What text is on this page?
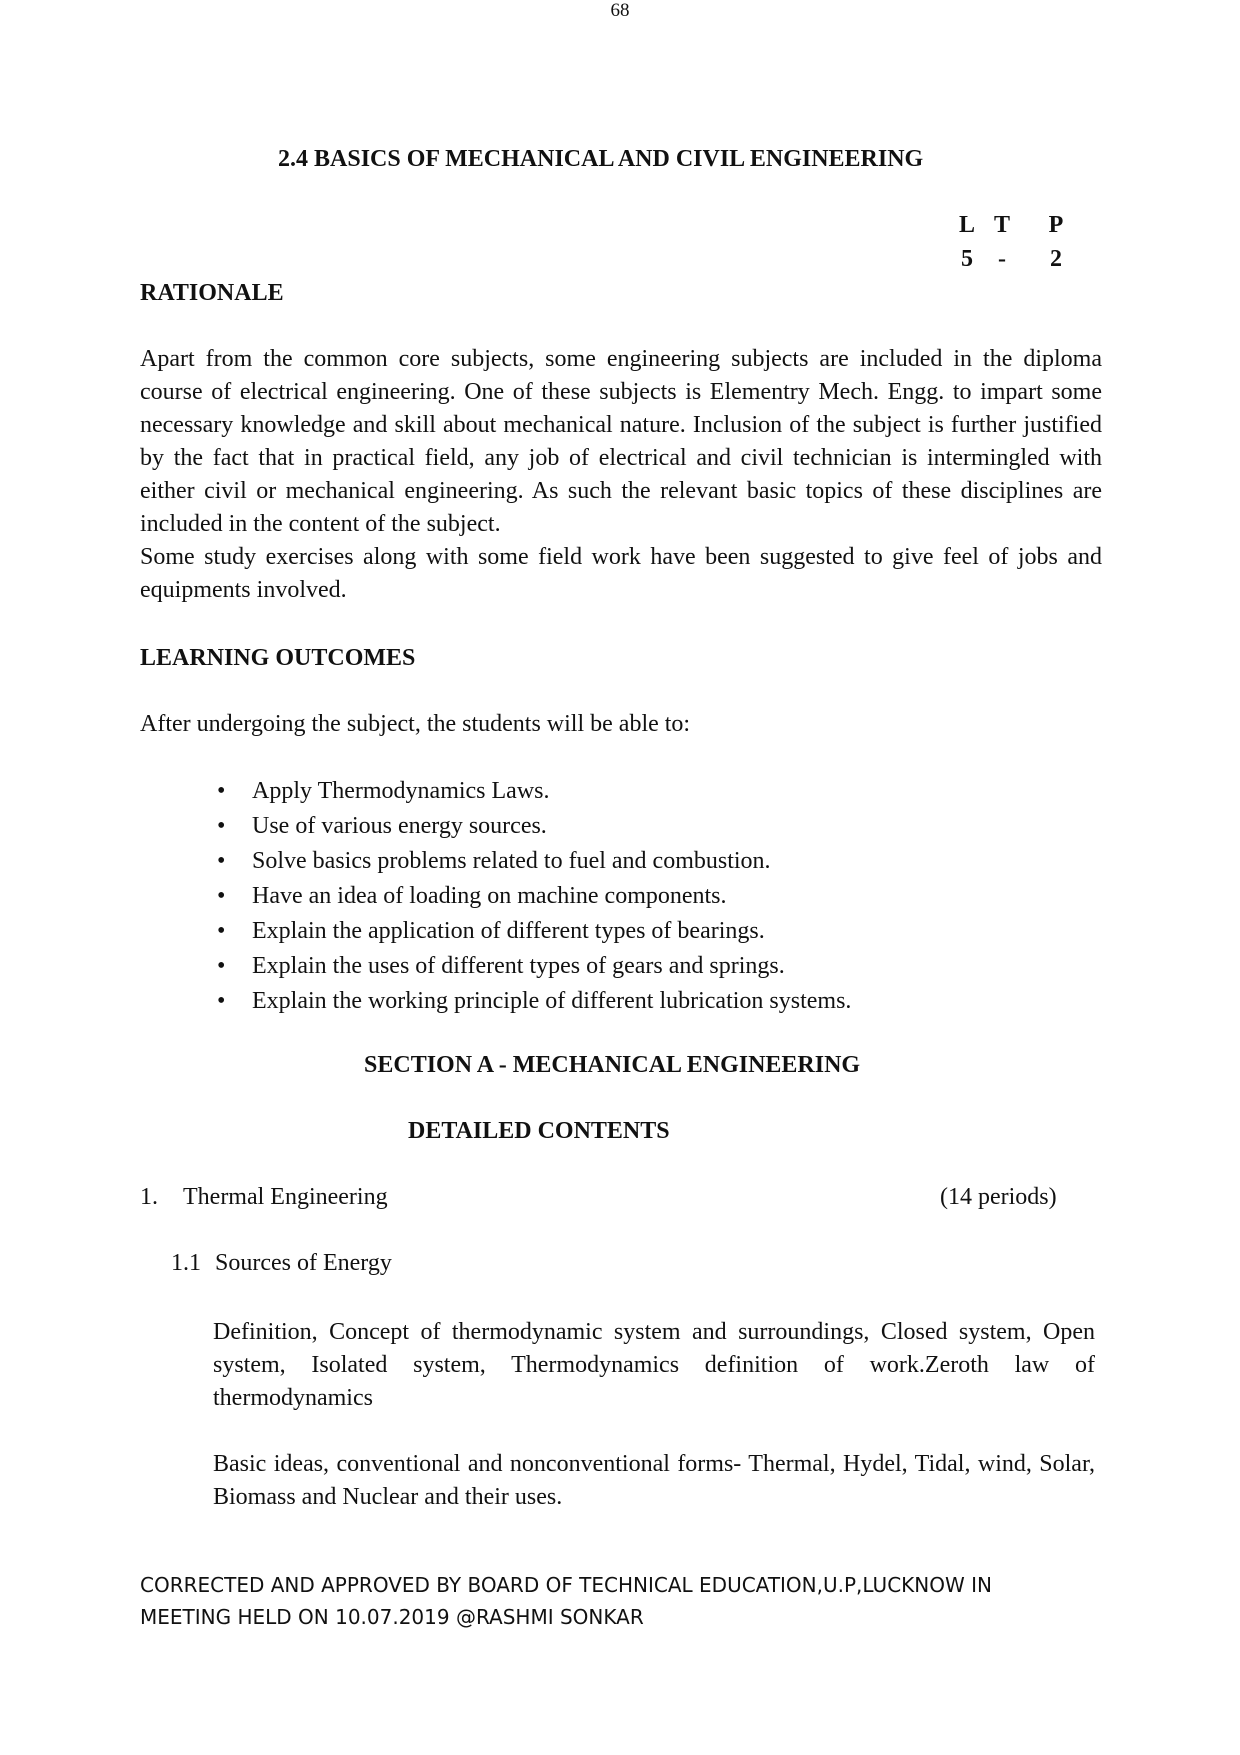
68
2.4 BASICS OF MECHANICAL AND CIVIL ENGINEERING
L T	P
5	-	2
RATIONALE

Apart from the common core subjects, some engineering subjects are included in the diploma course of electrical engineering. One of these subjects is Elementry Mech. Engg. to impart some necessary knowledge and skill about mechanical nature. Inclusion of the subject is further justified by the fact that in practical field, any job of electrical and civil technician is intermingled with either civil or mechanical engineering. As such the relevant basic topics of these disciplines are included in the content of the subject.

Some study exercises along with some field work have been suggested to give feel of jobs and equipments involved.

LEARNING OUTCOMES
After undergoing the subject, the students will be able to:
• Apply Thermodynamics Laws.
• Use of various energy sources.
• Solve basics problems related to fuel and combustion.
• Have an idea of loading on machine components.
• Explain the application of different types of bearings.
• Explain the uses of different types of gears and springs.
• Explain the working principle of different lubrication systems.
SECTION A - MECHANICAL ENGINEERING
DETAILED CONTENTS
1. Thermal Engineering	(14 periods)
1.1 Sources of Energy
Definition, Concept of thermodynamic system and surroundings, Closed system, Open system, Isolated system, Thermodynamics definition of work.Zeroth law of thermodynamics
Basic ideas, conventional and nonconventional forms- Thermal, Hydel, Tidal, wind, Solar, Biomass and Nuclear and their uses.
CORRECTED AND APPROVED BY BOARD OF TECHNICAL EDUCATION,U.P,LUCKNOW IN
MEETING HELD ON 10.07.2019 @RASHMI SONKAR
